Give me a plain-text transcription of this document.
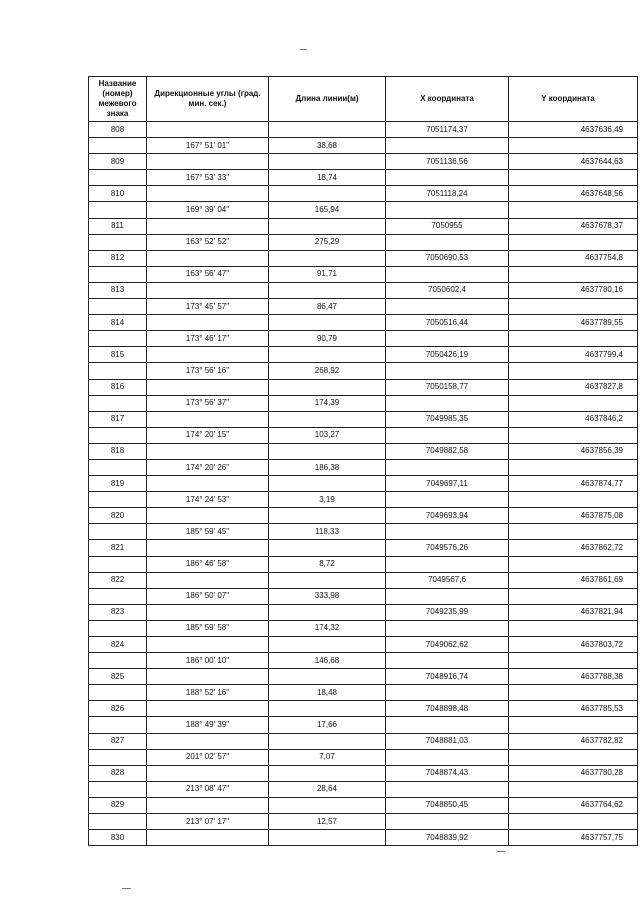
Название (номер) межевого знака	Дирекционные углы (град. мин. сек.)	Длина линии(м)	X координата	Y координата
808			7051174,37	4637636,49
	167° 51' 01"	38,68		
809			7051136,56	4637644,63
	167° 53' 33"	18,74		
810			7051118,24	4637648,56
	169° 39' 04"	165,94		
811			7050955	4637678,37
	163° 52' 52"	275,29		
812			7050690,53	4637754,8
	163° 56' 47"	91,71		
813			7050602,4	4637780,16
	173° 45' 57"	86,47		
814			7050516,44	4637789,55
	173° 46' 17"	90,79		
815			7050426,19	4637799,4
	173° 56' 16"	268,92		
816			7050158,77	4637827,8
	173° 56' 37"	174,39		
817			7049985,35	4637846,2
	174° 20' 15"	103,27		
818			7049882,58	4637856,39
	174° 20' 26"	186,38		
819			7049697,11	4637874,77
	174° 24' 53"	3,19		
820			7049693,94	4637875,08
	185° 59' 45"	118,33		
821			7049576,26	4637862,72
	186° 46' 58"	8,72		
822			7049567,6	4637861,69
	186° 50' 07"	333,98		
823			7049235,99	4637821,94
	185° 59' 58"	174,32		
824			7049062,62	4637803,72
	186° 00' 10"	146,68		
825			7048916,74	4637788,38
	188° 52' 16"	18,48		
826			7048898,48	4637785,53
	188° 49' 39"	17,66		
827			7048881,03	4637782,82
	201° 02' 57"	7,07		
828			7048874,43	4637780,28
	213° 08' 47"	28,64		
829			7048850,45	4637764,62
	213° 07' 17"	12,57		
830			7048839,92	4637757,75
